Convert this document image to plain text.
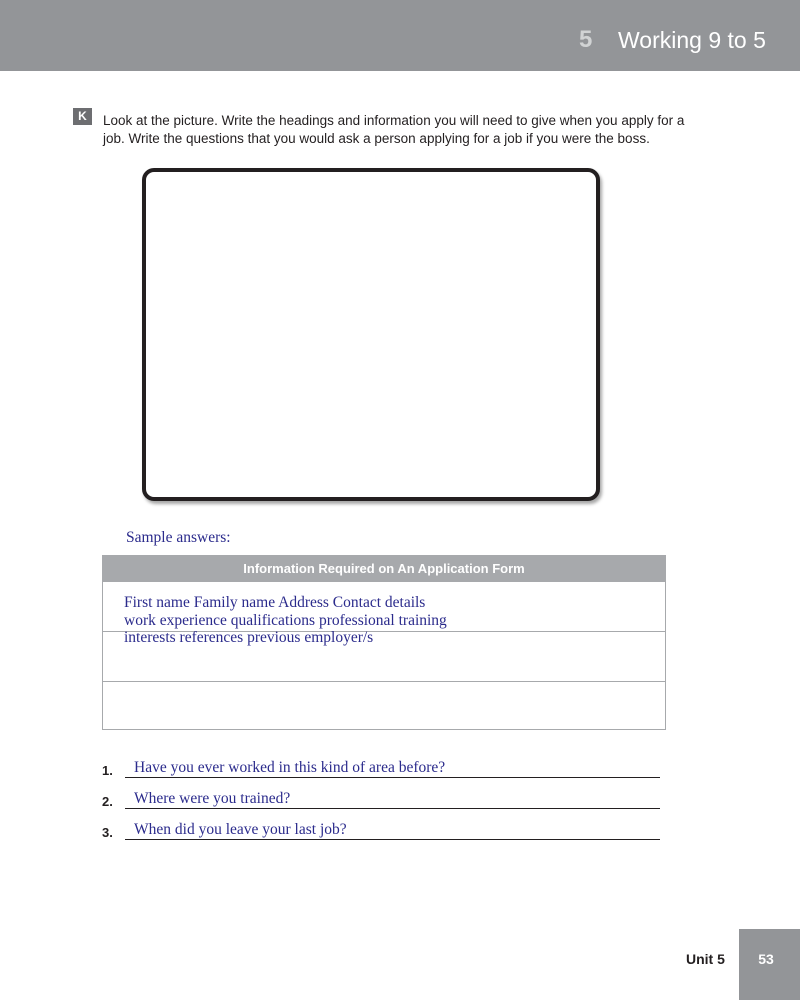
5 Working 9 to 5
K	Look at the picture. Write the headings and information you will need to give when you apply for a job. Write the questions that you would ask a person applying for a job if you were the boss.
Sample answers:
Information Required on An Application Form
First name Family name Address Contact details
work experience qualifications professional training
interests references previous employer/s
1. Have you ever worked in this kind of area before?
2. Where were you trained?
3. When did you leave your last job?
Unit 5	53
